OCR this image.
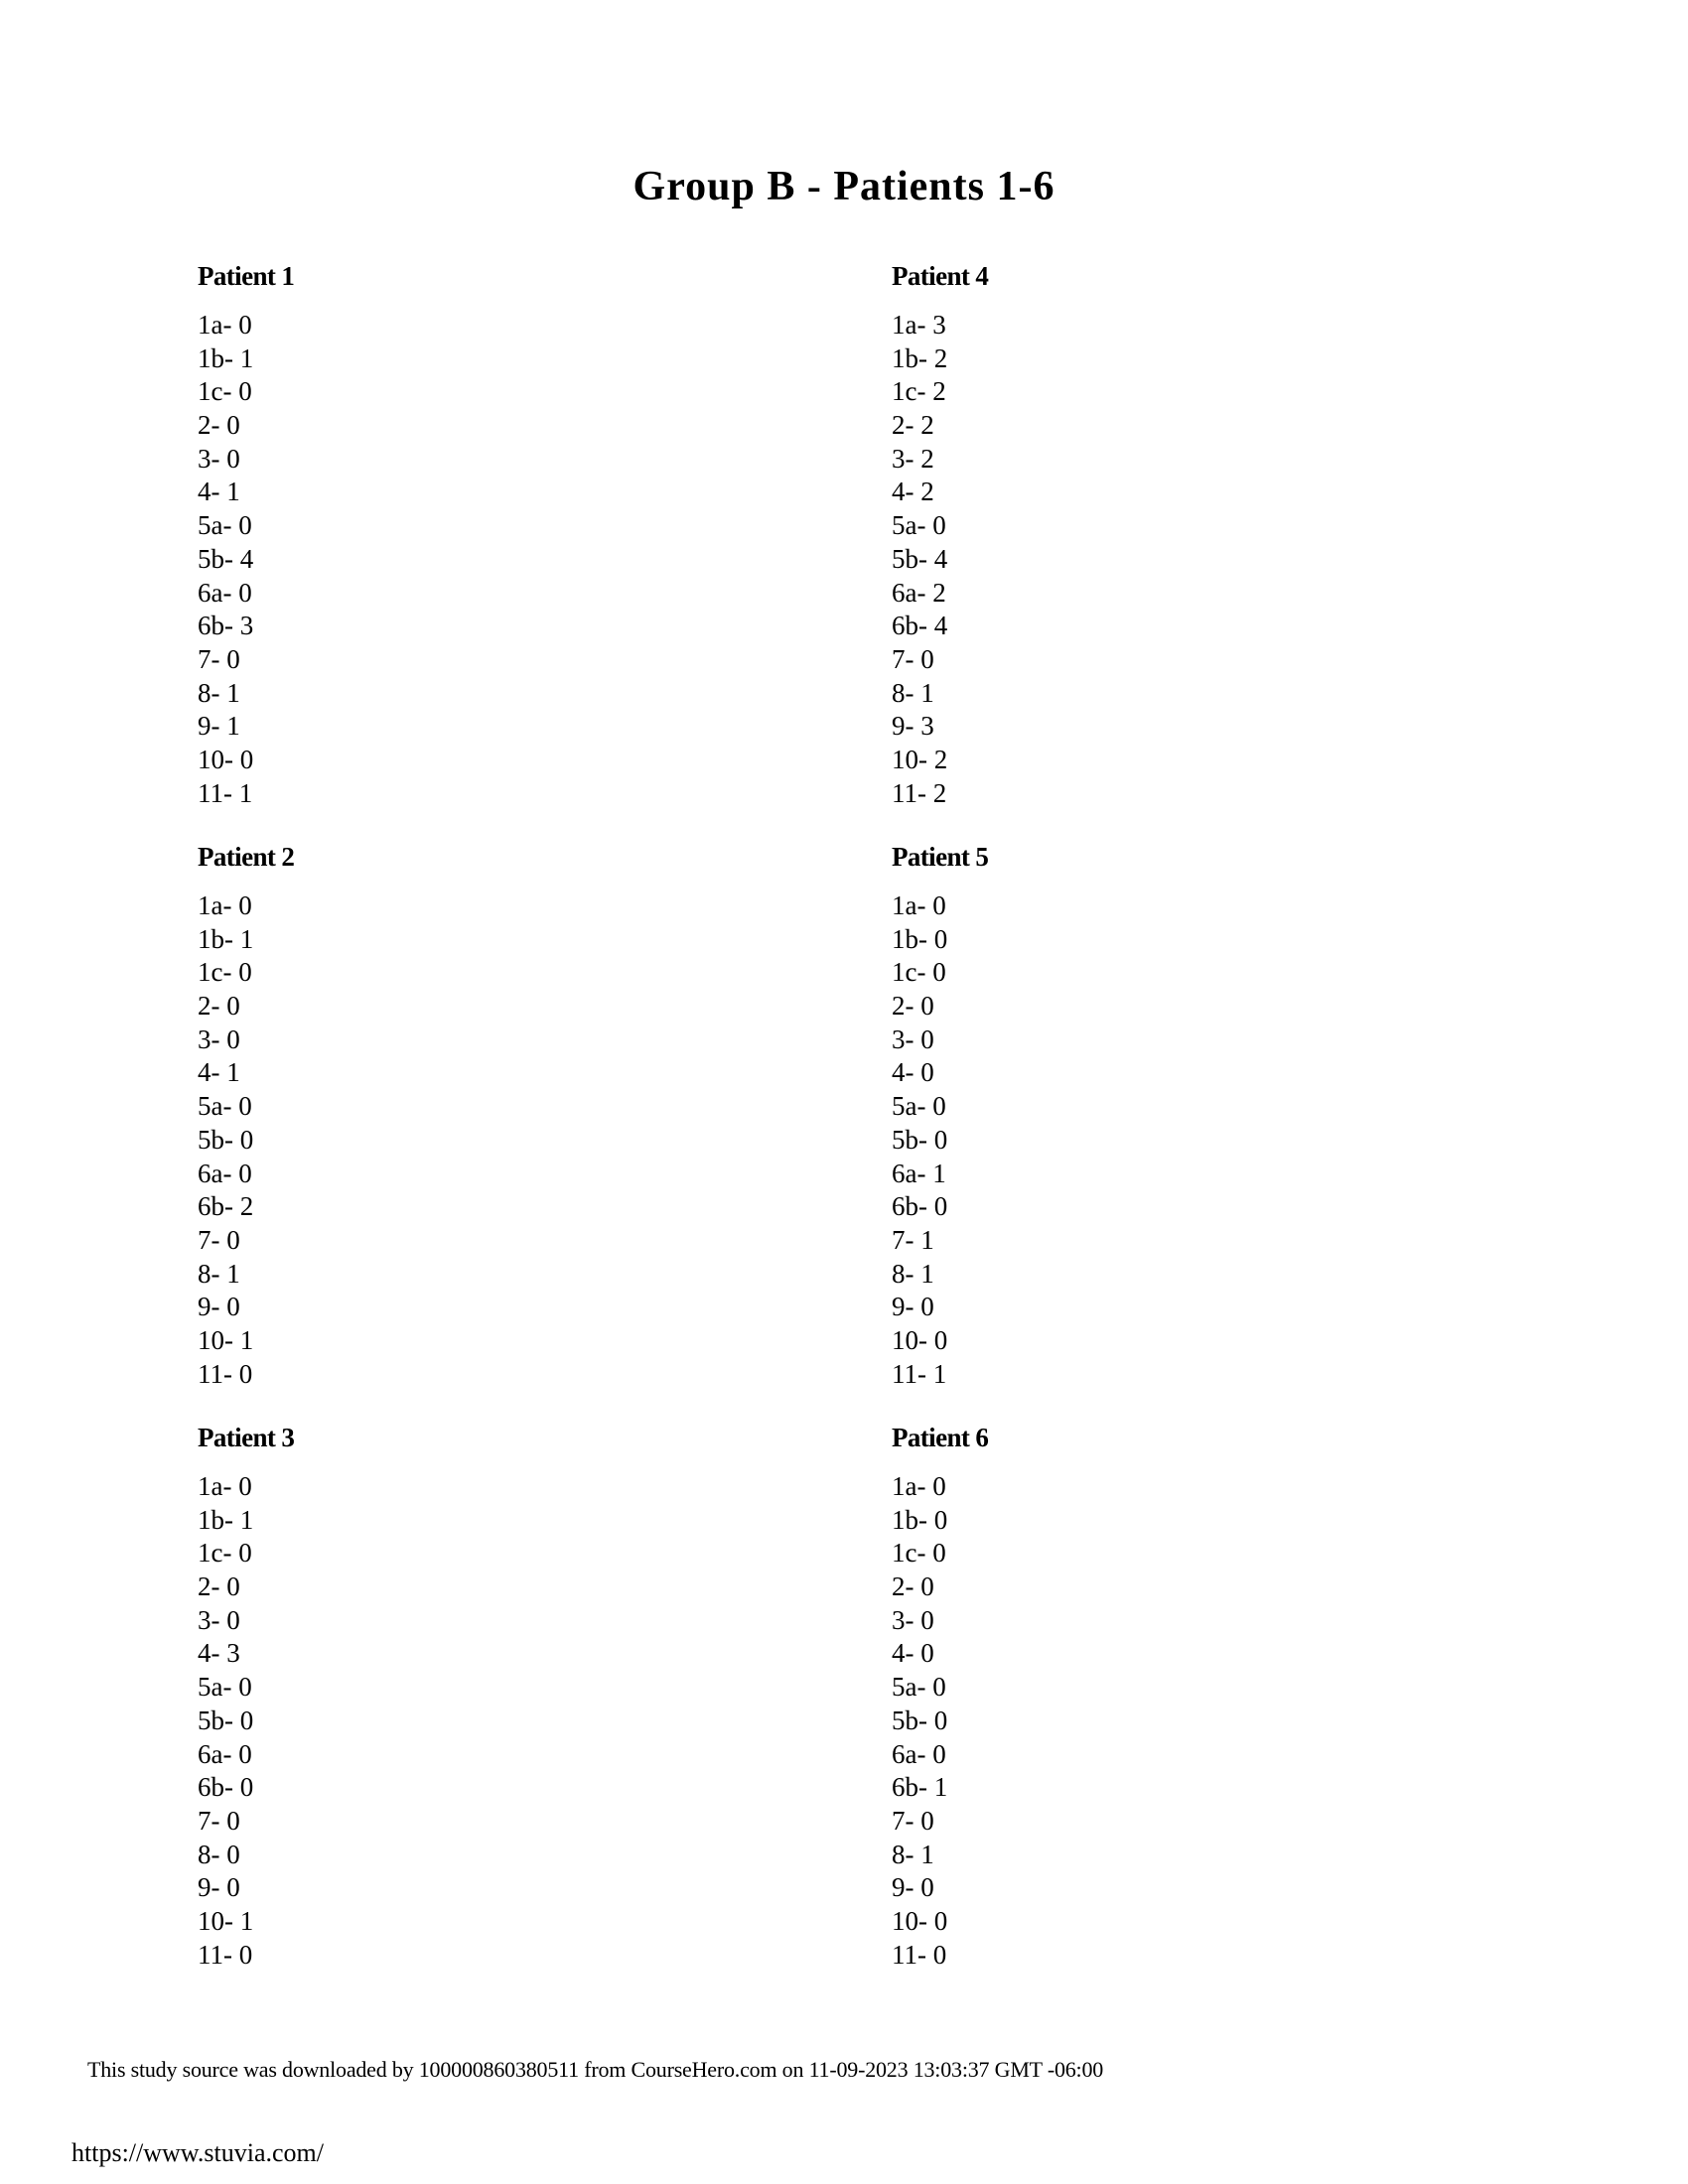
Group B - Patients 1-6
Patient 1
1a- 0
1b- 1
1c- 0
2- 0
3- 0
4- 1
5a- 0
5b- 4
6a- 0
6b- 3
7- 0
8- 1
9- 1
10- 0
11- 1
Patient 2
1a- 0
1b- 1
1c- 0
2- 0
3- 0
4- 1
5a- 0
5b- 0
6a- 0
6b- 2
7- 0
8- 1
9- 0
10- 1
11- 0
Patient 3
1a- 0
1b- 1
1c- 0
2- 0
3- 0
4- 3
5a- 0
5b- 0
6a- 0
6b- 0
7- 0
8- 0
9- 0
10- 1
11- 0
Patient 4
1a- 3
1b- 2
1c- 2
2- 2
3- 2
4- 2
5a- 0
5b- 4
6a- 2
6b- 4
7- 0
8- 1
9- 3
10- 2
11- 2
Patient 5
1a- 0
1b- 0
1c- 0
2- 0
3- 0
4- 0
5a- 0
5b- 0
6a- 1
6b- 0
7- 1
8- 1
9- 0
10- 0
11- 1
Patient 6
1a- 0
1b- 0
1c- 0
2- 0
3- 0
4- 0
5a- 0
5b- 0
6a- 0
6b- 1
7- 0
8- 1
9- 0
10- 0
11- 0
This study source was downloaded by 100000860380511 from CourseHero.com on 11-09-2023 13:03:37 GMT -06:00
https://www.stuvia.com/
